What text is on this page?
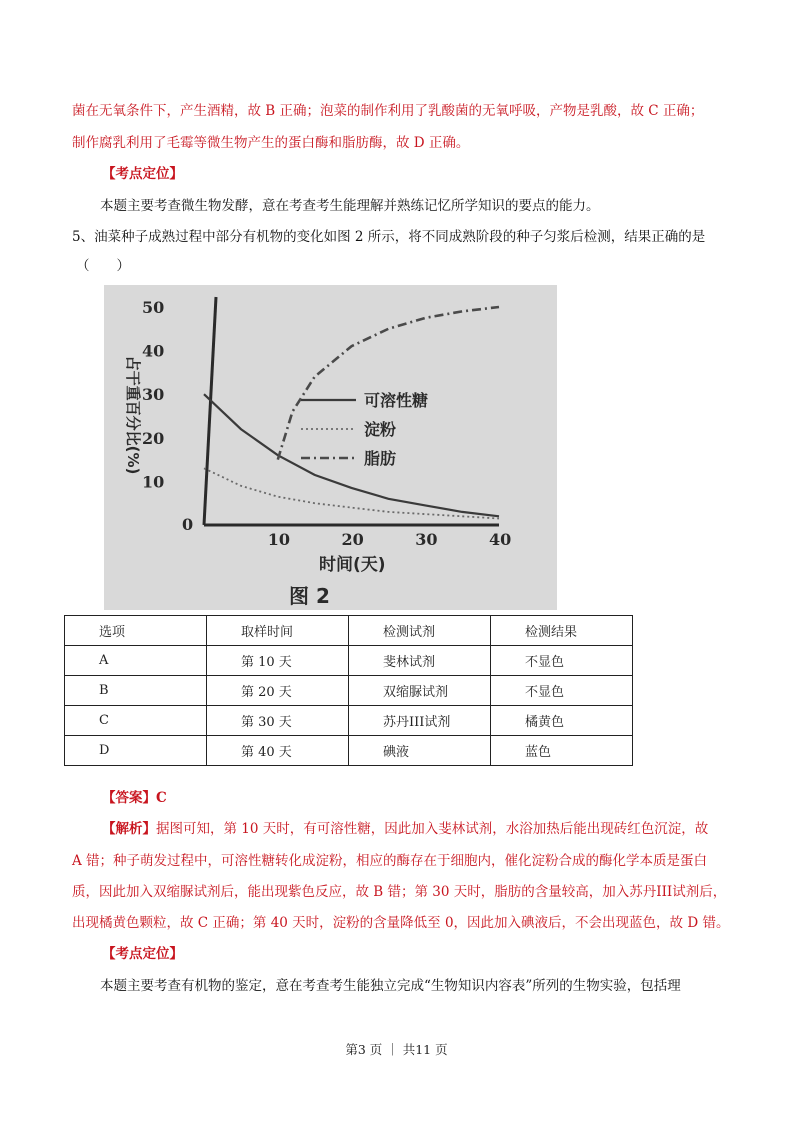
菌在无氧条件下，产生酒精，故 B 正确；泡菜的制作利用了乳酸菌的无氧呼吸，产物是乳酸，故 C 正确；
制作腐乳利用了毛霉等微生物产生的蛋白酶和脂肪酶，故 D 正确。
【考点定位】
本题主要考查微生物发酵，意在考查考生能理解并熟练记忆所学知识的要点的能力。
5、油菜种子成熟过程中部分有机物的变化如图 2 所示，将不同成熟阶段的种子匀浆后检测，结果正确的是
（　　）
0
10	20	30	40
10
20
30
40
50
可溶性糖
淀粉
脂肪
占干重百分比(%)
时间(天)
图 2
选项	取样时间	检测试剂	检测结果
A	第 10 天	斐林试剂	不显色
B	第 20 天	双缩脲试剂	不显色
C	第 30 天	苏丹III试剂	橘黄色
D	第 40 天	碘液	蓝色
【答案】C
【解析】据图可知，第 10 天时，有可溶性糖，因此加入斐林试剂，水浴加热后能出现砖红色沉淀，故
A 错；种子萌发过程中，可溶性糖转化成淀粉，相应的酶存在于细胞内，催化淀粉合成的酶化学本质是蛋白
质，因此加入双缩脲试剂后，能出现紫色反应，故 B 错；第 30 天时，脂肪的含量较高，加入苏丹III试剂后，
出现橘黄色颗粒，故 C 正确；第 40 天时，淀粉的含量降低至 0，因此加入碘液后，不会出现蓝色，故 D 错。
【考点定位】
本题主要考查有机物的鉴定，意在考查考生能独立完成“生物知识内容表”所列的生物实验，包括理
第3 页 ｜ 共11 页
